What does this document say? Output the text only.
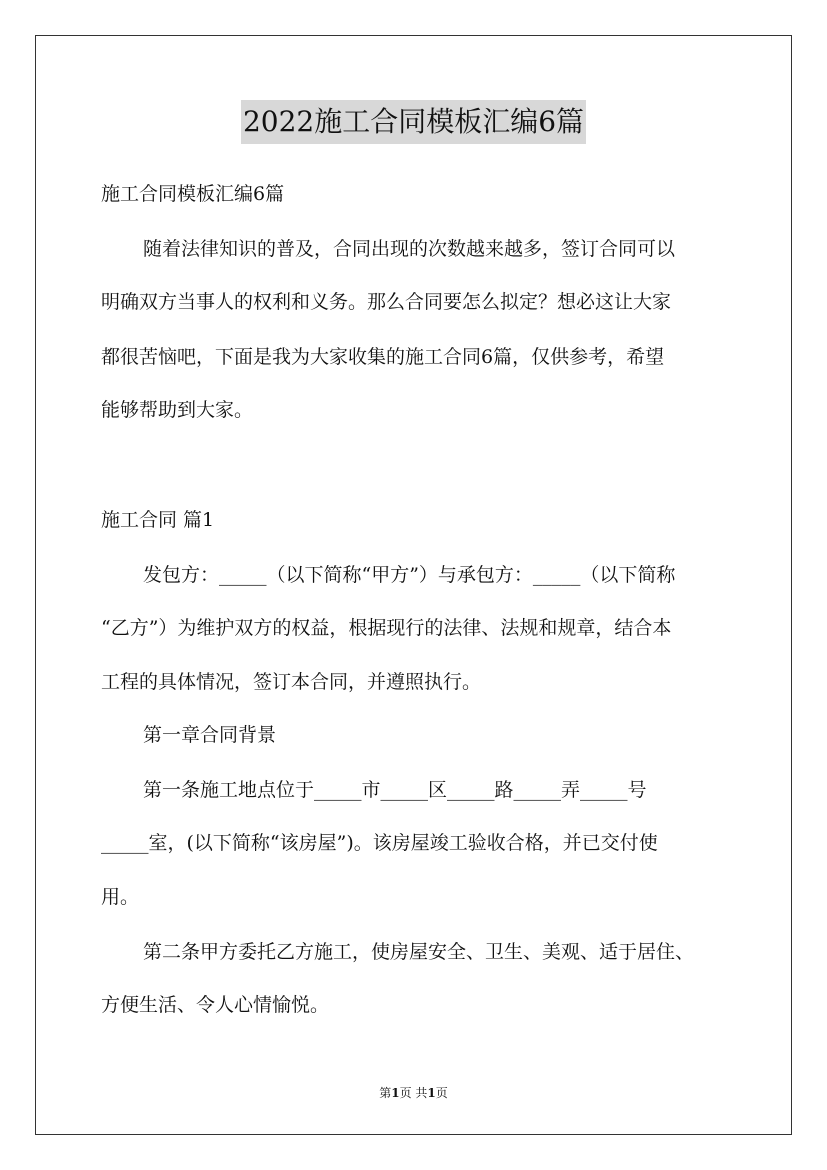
2022施工合同模板汇编6篇
施工合同模板汇编6篇
随着法律知识的普及，合同出现的次数越来越多，签订合同可以
明确双方当事人的权利和义务。那么合同要怎么拟定？想必这让大家
都很苦恼吧，下面是我为大家收集的施工合同6篇，仅供参考，希望
能够帮助到大家。
施工合同 篇1
发包方：_____（以下简称“甲方”）与承包方：_____（以下简称
“乙方”）为维护双方的权益，根据现行的法律、法规和规章，结合本
工程的具体情况，签订本合同，并遵照执行。
第一章合同背景
第一条施工地点位于_____市_____区_____路_____弄_____号
_____室，(以下简称“该房屋”)。该房屋竣工验收合格，并已交付使
用。
第二条甲方委托乙方施工，使房屋安全、卫生、美观、适于居住、
方便生活、令人心情愉悦。
第1页 共1页
